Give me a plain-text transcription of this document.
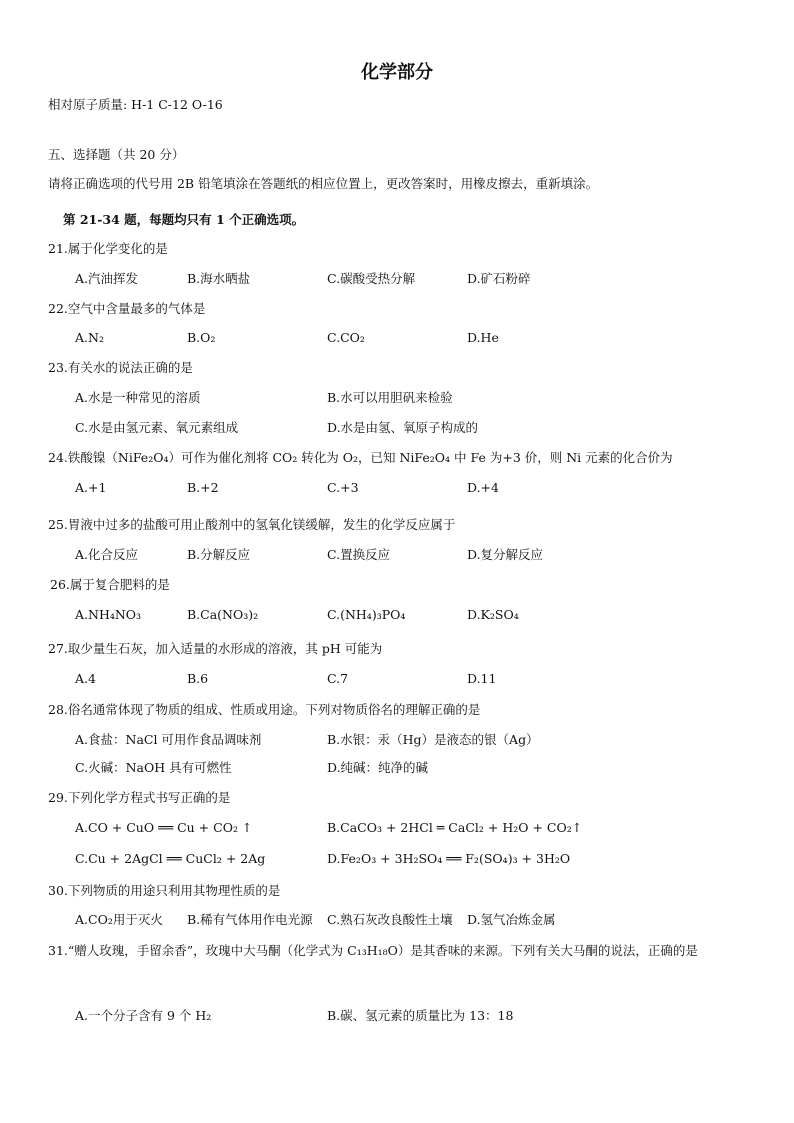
化学部分
相对原子质量: H-1 C-12 O-16
五、选择题（共 20 分）
请将正确选项的代号用 2B 铅笔填涂在答题纸的相应位置上，更改答案时，用橡皮擦去，重新填涂。
第 21-34 题，每题均只有 1 个正确选项。
21.属于化学变化的是
A.汽油挥发	B.海水晒盐	C.碳酸受热分解	D.矿石粉碎
22.空气中含量最多的气体是
A.N₂	B.O₂	C.CO₂	D.He
23.有关水的说法正确的是
A.水是一种常见的溶质	B.水可以用胆矾来检验
C.水是由氢元素、氧元素组成	D.水是由氢、氧原子构成的
24.铁酸镍（NiFe₂O₄）可作为催化剂将 CO₂ 转化为 O₂，已知 NiFe₂O₄ 中 Fe 为+3 价，则 Ni 元素的化合价为
A.+1	B.+2	C.+3	D.+4
25.胃液中过多的盐酸可用止酸剂中的氢氧化镁缓解，发生的化学反应属于
A.化合反应	B.分解反应	C.置换反应	D.复分解反应
26.属于复合肥料的是
A.NH₄NO₃	B.Ca(NO₃)₂	C.(NH₄)₃PO₄	D.K₂SO₄
27.取少量生石灰，加入适量的水形成的溶液，其 pH 可能为
A.4	B.6	C.7	D.11
28.俗名通常体现了物质的组成、性质或用途。下列对物质俗名的理解正确的是
A.食盐：NaCl 可用作食品调味剂	B.水银：汞（Hg）是液态的银（Ag）
C.火碱：NaOH 具有可燃性	D.纯碱：纯净的碱
29.下列化学方程式书写正确的是
A.CO + CuO ══ Cu + CO₂ ↑	B.CaCO₃ + 2HCl ═ CaCl₂ + H₂O + CO₂↑
C.Cu + 2AgCl ══ CuCl₂ + 2Ag	D.Fe₂O₃ + 3H₂SO₄ ══ F₂(SO₄)₃ + 3H₂O
30.下列物质的用途只利用其物理性质的是
A.CO₂用于灭火 B.稀有气体用作电光源 C.熟石灰改良酸性土壤 D.氢气冶炼金属
31.“赠人玫瑰，手留余香”，玫瑰中大马酮（化学式为 C₁₃H₁₈O）是其香味的来源。下列有关大马酮的说法，正确的是
A.一个分子含有 9 个 H₂	B.碳、氢元素的质量比为 13：18
